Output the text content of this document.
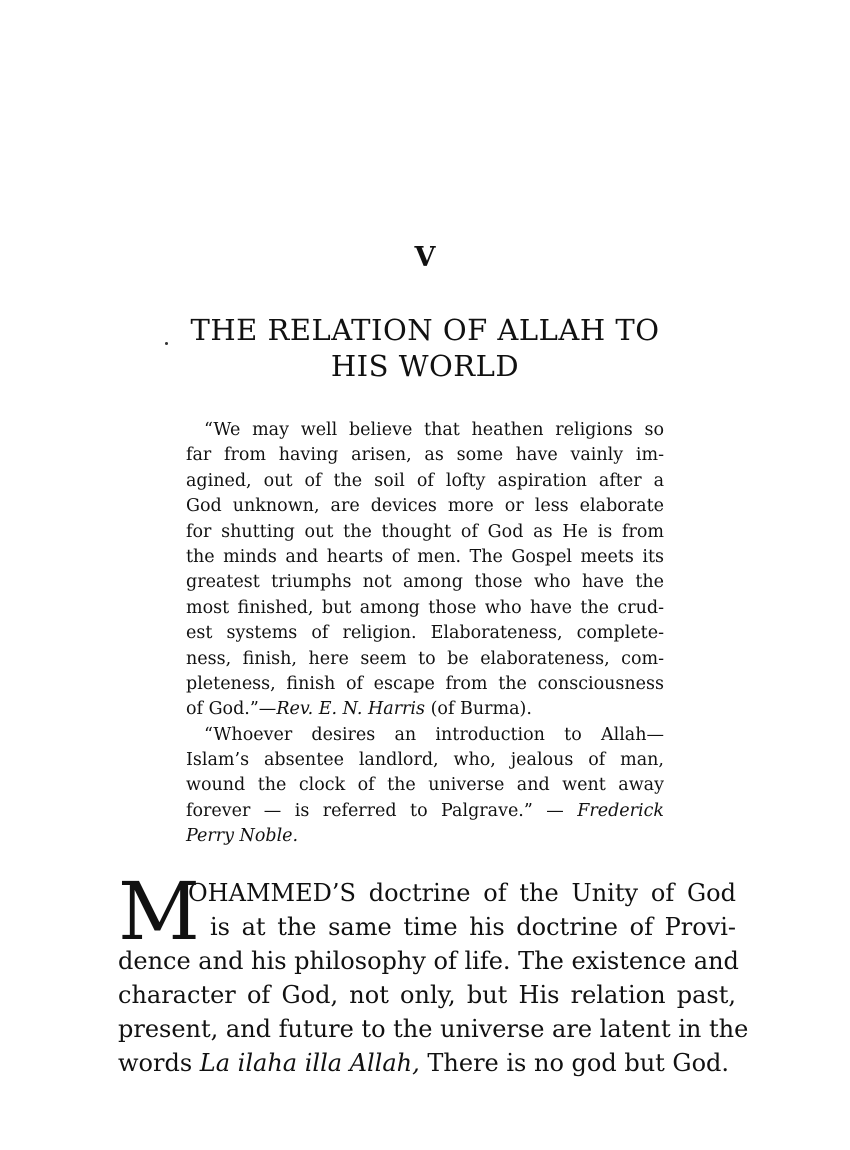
V
THE RELATION OF ALLAH TO
HIS WORLD
“We may well believe that heathen religions so
far from having arisen, as some have vainly im-
agined, out of the soil of lofty aspiration after a
God unknown, are devices more or less elaborate
for shutting out the thought of God as He is from
the minds and hearts of men. The Gospel meets its
greatest triumphs not among those who have the
most finished, but among those who have the crud-
est systems of religion. Elaborateness, complete-
ness, finish, here seem to be elaborateness, com-
pleteness, finish of escape from the consciousness
of God.”—Rev. E. N. Harris (of Burma).
“Whoever desires an introduction to Allah—
Islam’s absentee landlord, who, jealous of man,
wound the clock of the universe and went away
forever — is referred to Palgrave.” — Frederick
Perry Noble.
M
OHAMMED’S doctrine of the Unity of God
is at the same time his doctrine of Provi-
dence and his philosophy of life. The existence and
character of God, not only, but His relation past,
present, and future to the universe are latent in the
words La ilaha illa Allah, There is no god but God.
